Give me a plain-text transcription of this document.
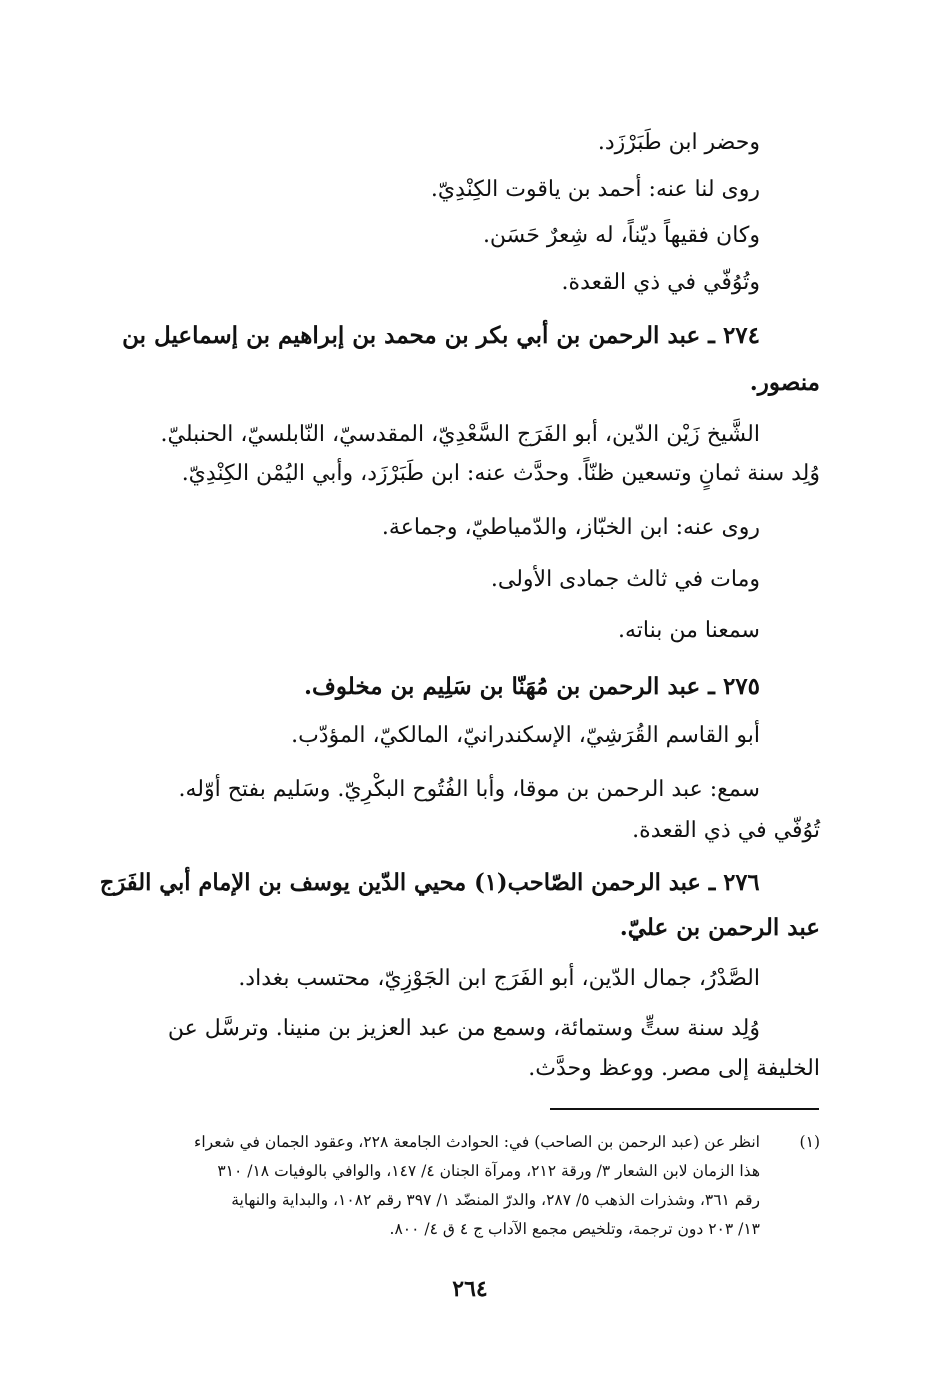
وحضر ابن طَبَرْزَد.
روى لنا عنه: أحمد بن ياقوت الكِنْدِيّ.
وكان فقيهاً ديّناً، له شِعرٌ حَسَن.
وتُوُفّي في ذي القعدة.
٢٧٤ ـ عبد الرحمن بن أبي بكر بن محمد بن إبراهيم بن إسماعيل بن
منصور.
الشَّيخ زَيْن الدّين، أبو الفَرَج السَّعْدِيّ، المقدسيّ، النّابلسيّ، الحنبليّ.
وُلِد سنة ثمانٍ وتسعين ظنّاً. وحدَّث عنه: ابن طَبَرْزَد، وأبي اليُمْن الكِنْدِيّ.
روى عنه: ابن الخبّاز، والدّمياطيّ، وجماعة.
ومات في ثالث جمادى الأولى.
سمعنا من بناته.
٢٧٥ ـ عبد الرحمن بن مُهَنّا بن سَلِيم بن مخلوف.
أبو القاسم القُرَشِيّ، الإسكندرانيّ، المالكيّ، المؤدّب.
سمع: عبد الرحمن بن موقا، وأبا الفُتُوح البكْرِيّ. وسَليم بفتح أوّله.
تُوُفّي في ذي القعدة.
٢٧٦ ـ عبد الرحمن الصّاحب(١) محيي الدّين يوسف بن الإمام أبي الفَرَج
عبد الرحمن بن عليّ.
الصَّدْرُ، جمال الدّين، أبو الفَرَج ابن الجَوْزِيّ، محتسب بغداد.
وُلِد سنة ستٍّ وستمائة، وسمع من عبد العزيز بن منينا. وترسَّل عن
الخليفة إلى مصر. ووعظ وحدَّث.
(١)
انظر عن (عبد الرحمن بن الصاحب) في: الحوادث الجامعة ٢٢٨، وعقود الجمان في شعراء
هذا الزمان لابن الشعار ٣/ ورقة ٢١٢، ومرآة الجنان ٤/ ١٤٧، والوافي بالوفيات ١٨/ ٣١٠
رقم ٣٦١، وشذرات الذهب ٥/ ٢٨٧، والدرّ المنضّد ١/ ٣٩٧ رقم ١٠٨٢، والبداية والنهاية
١٣/ ٢٠٣ دون ترجمة، وتلخيص مجمع الآداب ج ٤ ق ٤/ ٨٠٠.
٢٦٤
